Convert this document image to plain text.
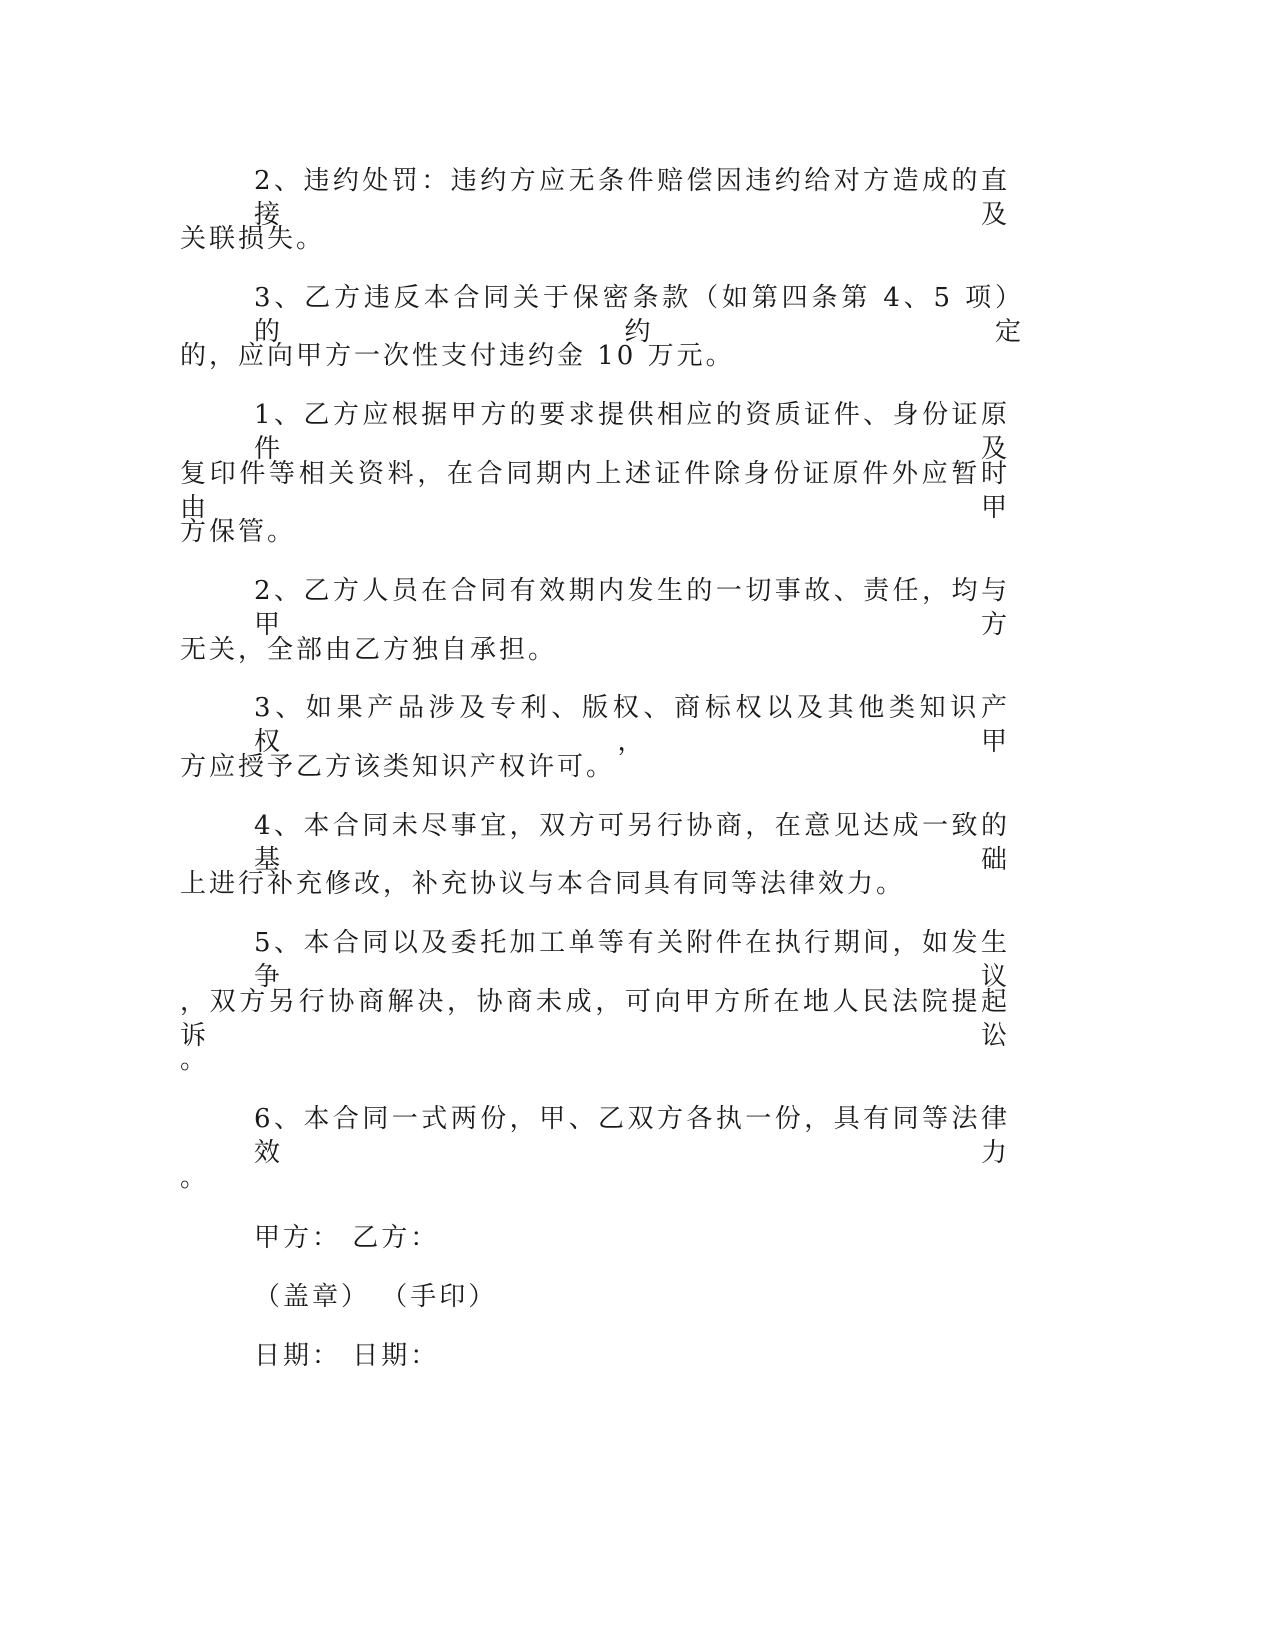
2、违约处罚：违约方应无条件赔偿因违约给对方造成的直接及
关联损失。
3、乙方违反本合同关于保密条款（如第四条第 4、5 项）的约定
的，应向甲方一次性支付违约金 10 万元。
1、乙方应根据甲方的要求提供相应的资质证件、身份证原件及
复印件等相关资料，在合同期内上述证件除身份证原件外应暂时由甲
方保管。
2、乙方人员在合同有效期内发生的一切事故、责任，均与甲方
无关，全部由乙方独自承担。
3、如果产品涉及专利、版权、商标权以及其他类知识产权，甲
方应授予乙方该类知识产权许可。
4、本合同未尽事宜，双方可另行协商，在意见达成一致的基础
上进行补充修改，补充协议与本合同具有同等法律效力。
5、本合同以及委托加工单等有关附件在执行期间，如发生争议
，双方另行协商解决，协商未成，可向甲方所在地人民法院提起诉讼
。
6、本合同一式两份，甲、乙双方各执一份，具有同等法律效力
。
甲方： 乙方：
（盖章） （手印）
日期： 日期：
